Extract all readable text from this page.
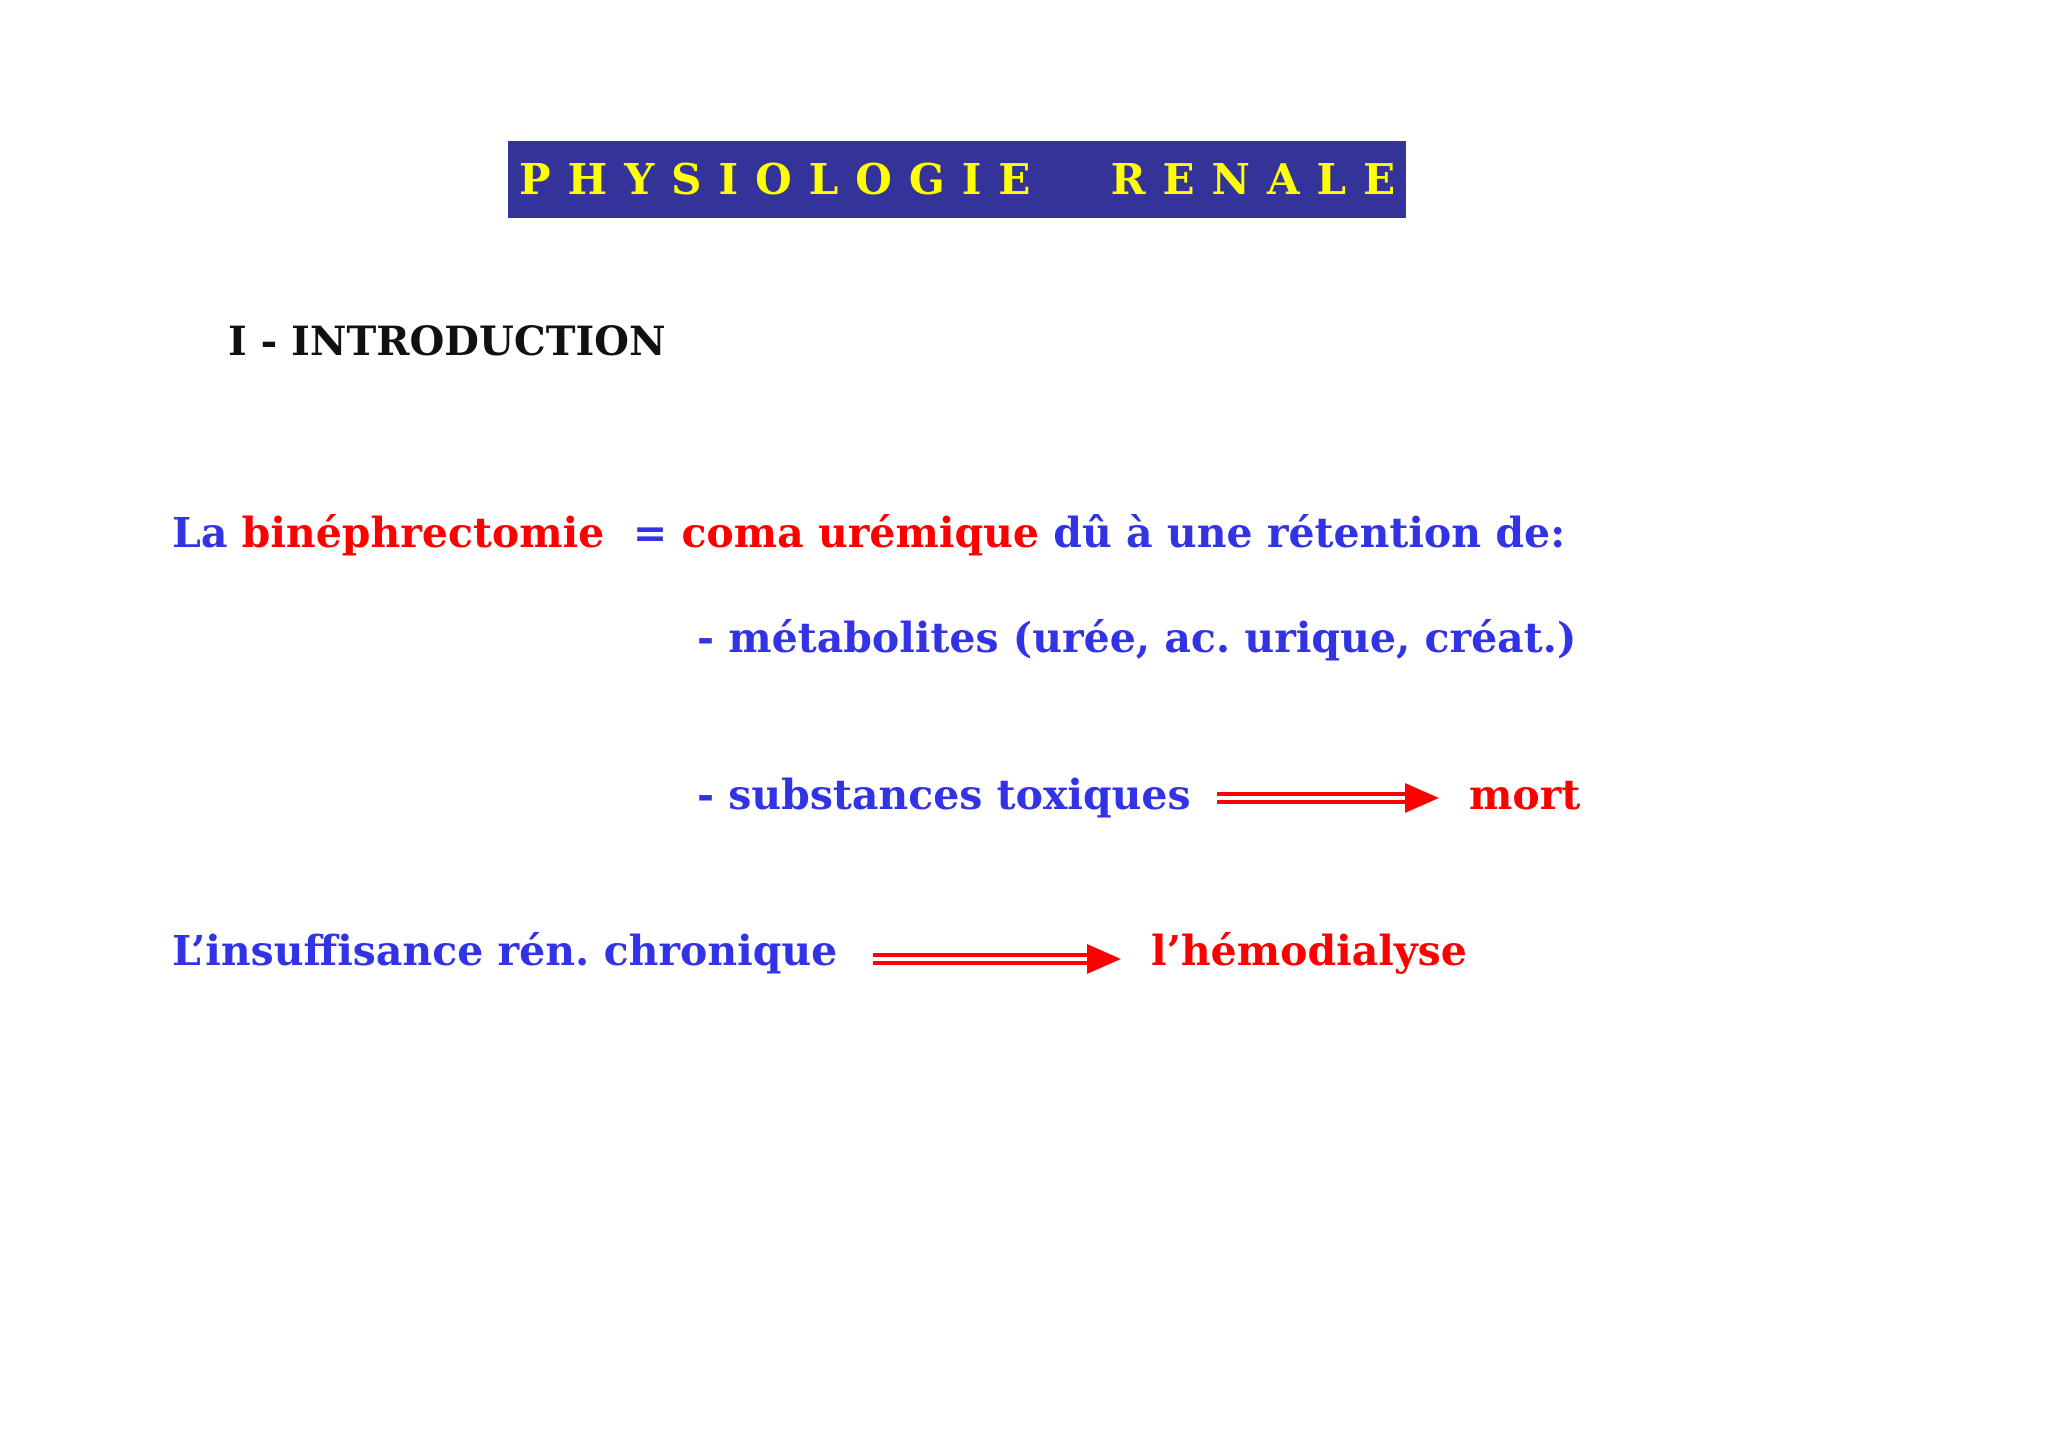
PHYSIOLOGIE  RENALE
I - INTRODUCTION
La binéphrectomie  = coma urémique dû à une rétention de:
- métabolites (urée, ac. urique, créat.)
- substances toxiques	mort
L’insuffisance rén. chronique	l’hémodialyse
